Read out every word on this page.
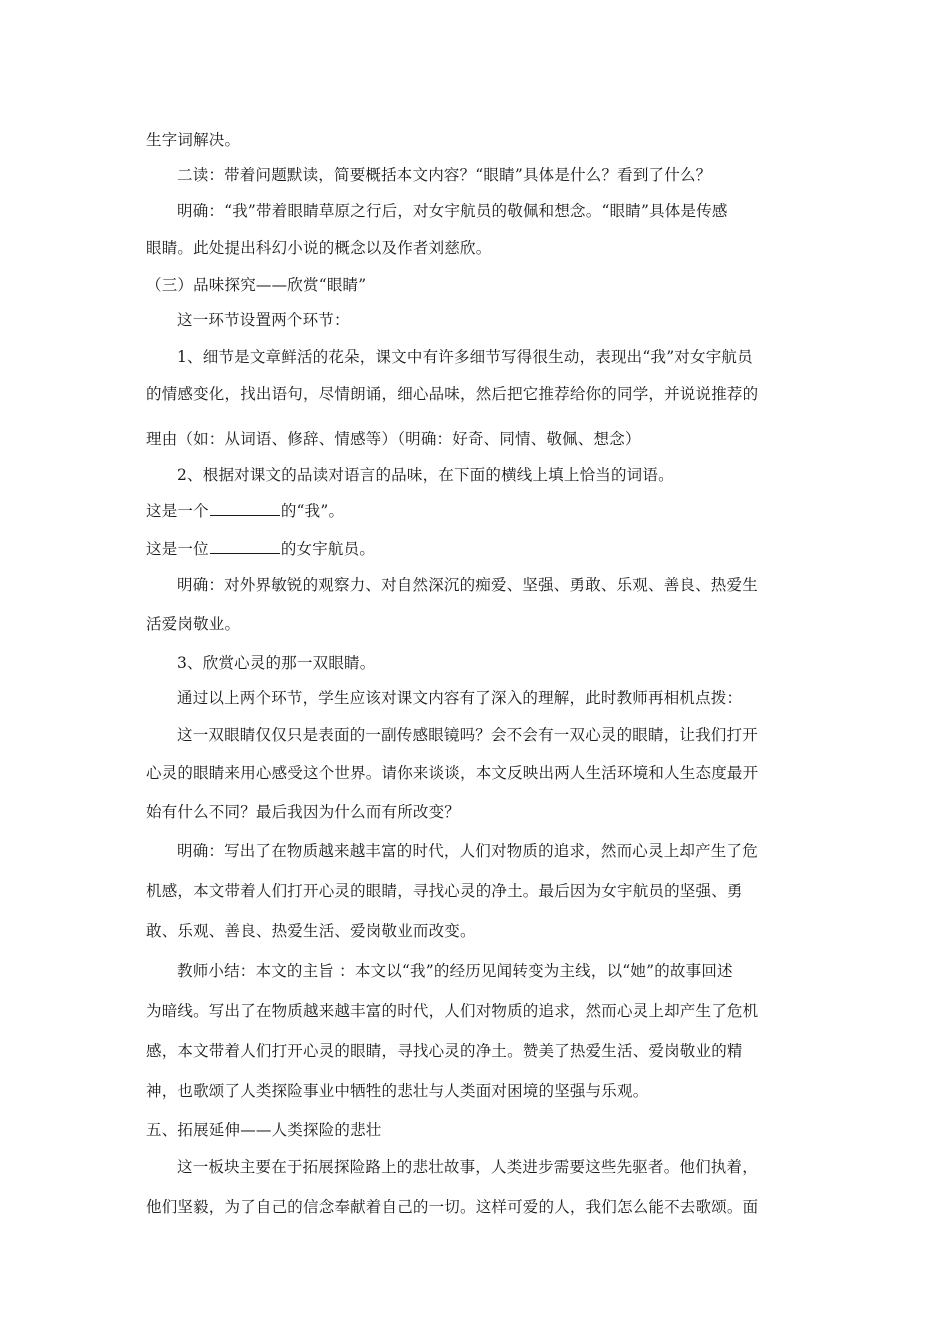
生字词解决。
二读：带着问题默读，简要概括本文内容？“眼睛”具体是什么？看到了什么？
明确：“我”带着眼睛草原之行后，对女宇航员的敬佩和想念。“眼睛”具体是传感
眼睛。此处提出科幻小说的概念以及作者刘慈欣。
（三）品味探究——欣赏“眼睛”
这一环节设置两个环节：
1、细节是文章鲜活的花朵，课文中有许多细节写得很生动，表现出“我”对女宇航员
的情感变化，找出语句，尽情朗诵，细心品味，然后把它推荐给你的同学，并说说推荐的
理由（如：从词语、修辞、情感等）（明确：好奇、同情、敬佩、想念）
2、根据对课文的品读对语言的品味，在下面的横线上填上恰当的词语。
这是一个	的“我”。
这是一位	的女宇航员。
明确：对外界敏锐的观察力、对自然深沉的痴爱、坚强、勇敢、乐观、善良、热爱生
活爱岗敬业。
3、欣赏心灵的那一双眼睛。
通过以上两个环节，学生应该对课文内容有了深入的理解，此时教师再相机点拨：
这一双眼睛仅仅只是表面的一副传感眼镜吗？会不会有一双心灵的眼睛，让我们打开
心灵的眼睛来用心感受这个世界。请你来谈谈，本文反映出两人生活环境和人生态度最开
始有什么不同？最后我因为什么而有所改变？
明确：写出了在物质越来越丰富的时代，人们对物质的追求，然而心灵上却产生了危
机感，本文带着人们打开心灵的眼睛，寻找心灵的净土。最后因为女宇航员的坚强、勇
敢、乐观、善良、热爱生活、爱岗敬业而改变。
教师小结：本文的主旨 ：本文以“我”的经历见闻转变为主线，以“她”的故事回述
为暗线。写出了在物质越来越丰富的时代，人们对物质的追求，然而心灵上却产生了危机
感，本文带着人们打开心灵的眼睛，寻找心灵的净土。赞美了热爱生活、爱岗敬业的精
神，也歌颂了人类探险事业中牺牲的悲壮与人类面对困境的坚强与乐观。
五、拓展延伸——人类探险的悲壮
这一板块主要在于拓展探险路上的悲壮故事，人类进步需要这些先驱者。他们执着，
他们坚毅，为了自己的信念奉献着自己的一切。这样可爱的人，我们怎么能不去歌颂。面
